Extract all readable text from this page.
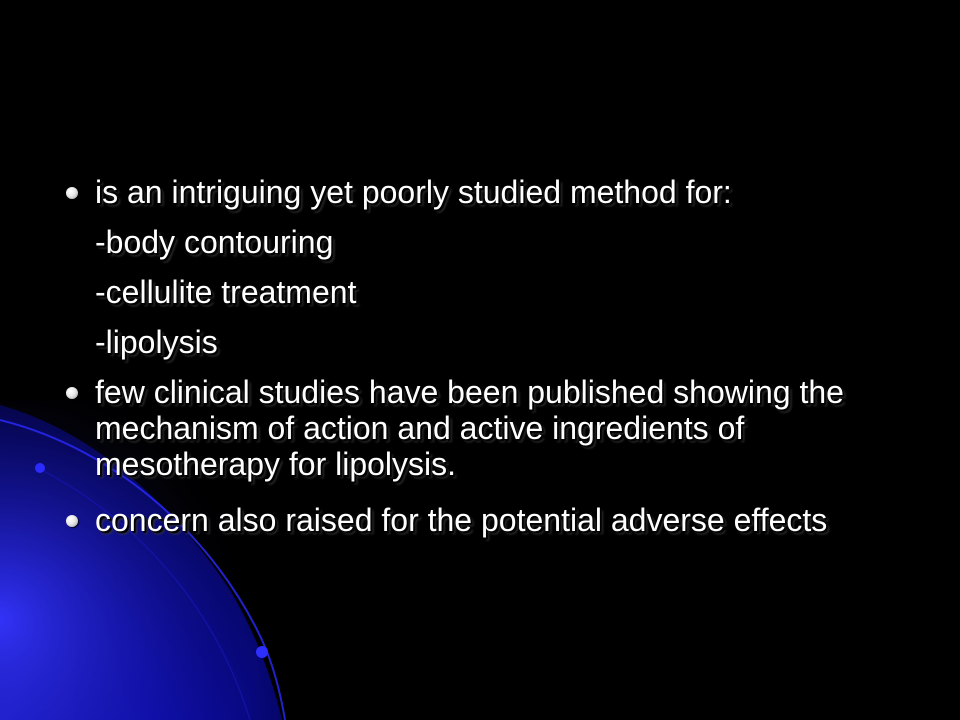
is an intriguing yet poorly studied method for:
-body contouring
-cellulite treatment
-lipolysis
few clinical studies have been published showing the mechanism of action and active ingredients of mesotherapy for lipolysis.
concern also raised for the potential adverse effects
